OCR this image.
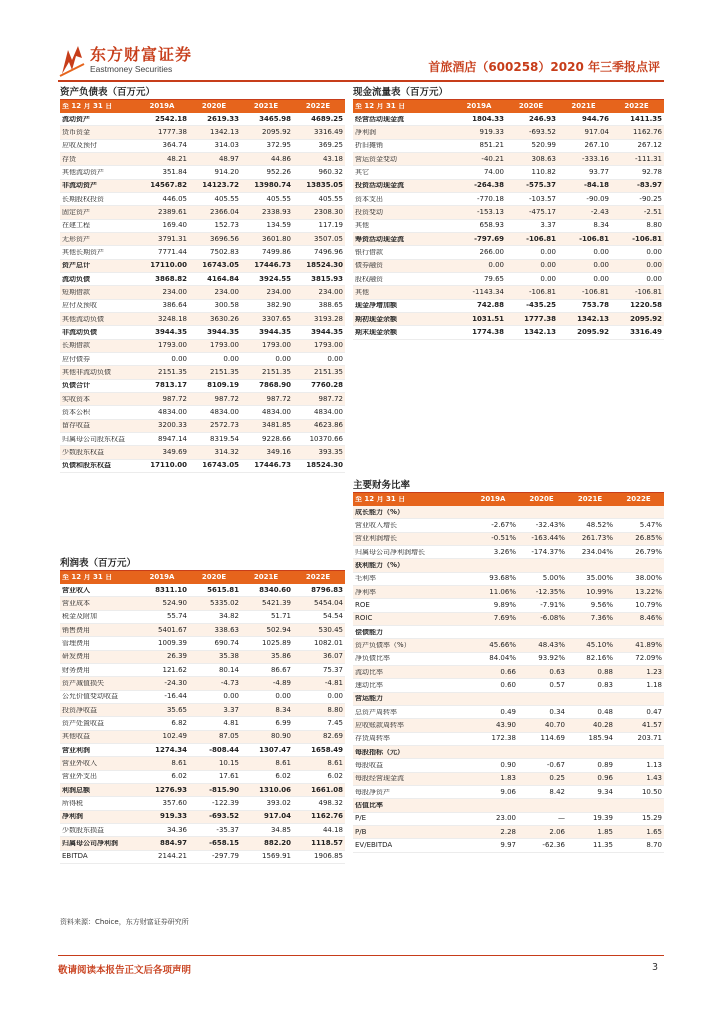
东方财富证券
Eastmoney Securities	首旅酒店（600258）2020 年三季报点评
资产负债表（百万元）
至 12 月 31 日	2019A	2020E	2021E	2022E
流动资产	2542.18	2619.33	3465.98	4689.25
货币资金	1777.38	1342.13	2095.92	3316.49
应收及预付	364.74	314.03	372.95	369.25
存货	48.21	48.97	44.86	43.18
其他流动资产	351.84	914.20	952.26	960.32
非流动资产	14567.82	14123.72	13980.74	13835.05
长期股权投资	446.05	405.55	405.55	405.55
固定资产	2389.61	2366.04	2338.93	2308.30
在建工程	169.40	152.73	134.59	117.19
无形资产	3791.31	3696.56	3601.80	3507.05
其他长期资产	7771.44	7502.83	7499.86	7496.96
资产总计	17110.00	16743.05	17446.73	18524.30
流动负债	3868.82	4164.84	3924.55	3815.93
短期借款	234.00	234.00	234.00	234.00
应付及预收	386.64	300.58	382.90	388.65
其他流动负债	3248.18	3630.26	3307.65	3193.28
非流动负债	3944.35	3944.35	3944.35	3944.35
长期借款	1793.00	1793.00	1793.00	1793.00
应付债券	0.00	0.00	0.00	0.00
其他非流动负债	2151.35	2151.35	2151.35	2151.35
负债合计	7813.17	8109.19	7868.90	7760.28
实收资本	987.72	987.72	987.72	987.72
资本公积	4834.00	4834.00	4834.00	4834.00
留存收益	3200.33	2572.73	3481.85	4623.86
归属母公司股东权益	8947.14	8319.54	9228.66	10370.66
少数股东权益	349.69	314.32	349.16	393.35
负债和股东权益	17110.00	16743.05	17446.73	18524.30
现金流量表（百万元）
至 12 月 31 日	2019A	2020E	2021E	2022E
经营活动现金流	1804.33	246.93	944.76	1411.35
净利润	919.33	-693.52	917.04	1162.76
折旧摊销	851.21	520.99	267.10	267.12
营运资金变动	-40.21	308.63	-333.16	-111.31
其它	74.00	110.82	93.77	92.78
投资活动现金流	-264.38	-575.37	-84.18	-83.97
资本支出	-770.18	-103.57	-90.09	-90.25
投资变动	-153.13	-475.17	-2.43	-2.51
其他	658.93	3.37	8.34	8.80
筹资活动现金流	-797.69	-106.81	-106.81	-106.81
银行借款	266.00	0.00	0.00	0.00
债券融资	0.00	0.00	0.00	0.00
股权融资	79.65	0.00	0.00	0.00
其他	-1143.34	-106.81	-106.81	-106.81
现金净增加额	742.88	-435.25	753.78	1220.58
期初现金余额	1031.51	1777.38	1342.13	2095.92
期末现金余额	1774.38	1342.13	2095.92	3316.49
利润表（百万元）
至 12 月 31 日	2019A	2020E	2021E	2022E
营业收入	8311.10	5615.81	8340.60	8796.83
营业成本	524.90	5335.02	5421.39	5454.04
税金及附加	55.74	34.82	51.71	54.54
销售费用	5401.67	338.63	502.94	530.45
管理费用	1009.39	690.74	1025.89	1082.01
研发费用	26.39	35.38	35.86	36.07
财务费用	121.62	80.14	86.67	75.37
资产减值损失	-24.30	-4.73	-4.89	-4.81
公允价值变动收益	-16.44	0.00	0.00	0.00
投资净收益	35.65	3.37	8.34	8.80
资产处置收益	6.82	4.81	6.99	7.45
其他收益	102.49	87.05	80.90	82.69
营业利润	1274.34	-808.44	1307.47	1658.49
营业外收入	8.61	10.15	8.61	8.61
营业外支出	6.02	17.61	6.02	6.02
利润总额	1276.93	-815.90	1310.06	1661.08
所得税	357.60	-122.39	393.02	498.32
净利润	919.33	-693.52	917.04	1162.76
少数股东损益	34.36	-35.37	34.85	44.18
归属母公司净利润	884.97	-658.15	882.20	1118.57
EBITDA	2144.21	-297.79	1569.91	1906.85
主要财务比率
至 12 月 31 日	2019A	2020E	2021E	2022E
成长能力（%）
营业收入增长	-2.67%	-32.43%	48.52%	5.47%
营业利润增长	-0.51%	-163.44%	261.73%	26.85%
归属母公司净利润增长	3.26%	-174.37%	234.04%	26.79%
获利能力（%）
毛利率	93.68%	5.00%	35.00%	38.00%
净利率	11.06%	-12.35%	10.99%	13.22%
ROE	9.89%	-7.91%	9.56%	10.79%
ROIC	7.69%	-6.08%	7.36%	8.46%
偿债能力
资产负债率（%）	45.66%	48.43%	45.10%	41.89%
净负债比率	84.04%	93.92%	82.16%	72.09%
流动比率	0.66	0.63	0.88	1.23
速动比率	0.60	0.57	0.83	1.18
营运能力
总资产周转率	0.49	0.34	0.48	0.47
应收账款周转率	43.90	40.70	40.28	41.57
存货周转率	172.38	114.69	185.94	203.71
每股指标（元）
每股收益	0.90	-0.67	0.89	1.13
每股经营现金流	1.83	0.25	0.96	1.43
每股净资产	9.06	8.42	9.34	10.50
估值比率
P/E	23.00	—	19.39	15.29
P/B	2.28	2.06	1.85	1.65
EV/EBITDA	9.97	-62.36	11.35	8.70
资料来源：Choice，东方财富证券研究所
敬请阅读本报告正文后各项声明	3
